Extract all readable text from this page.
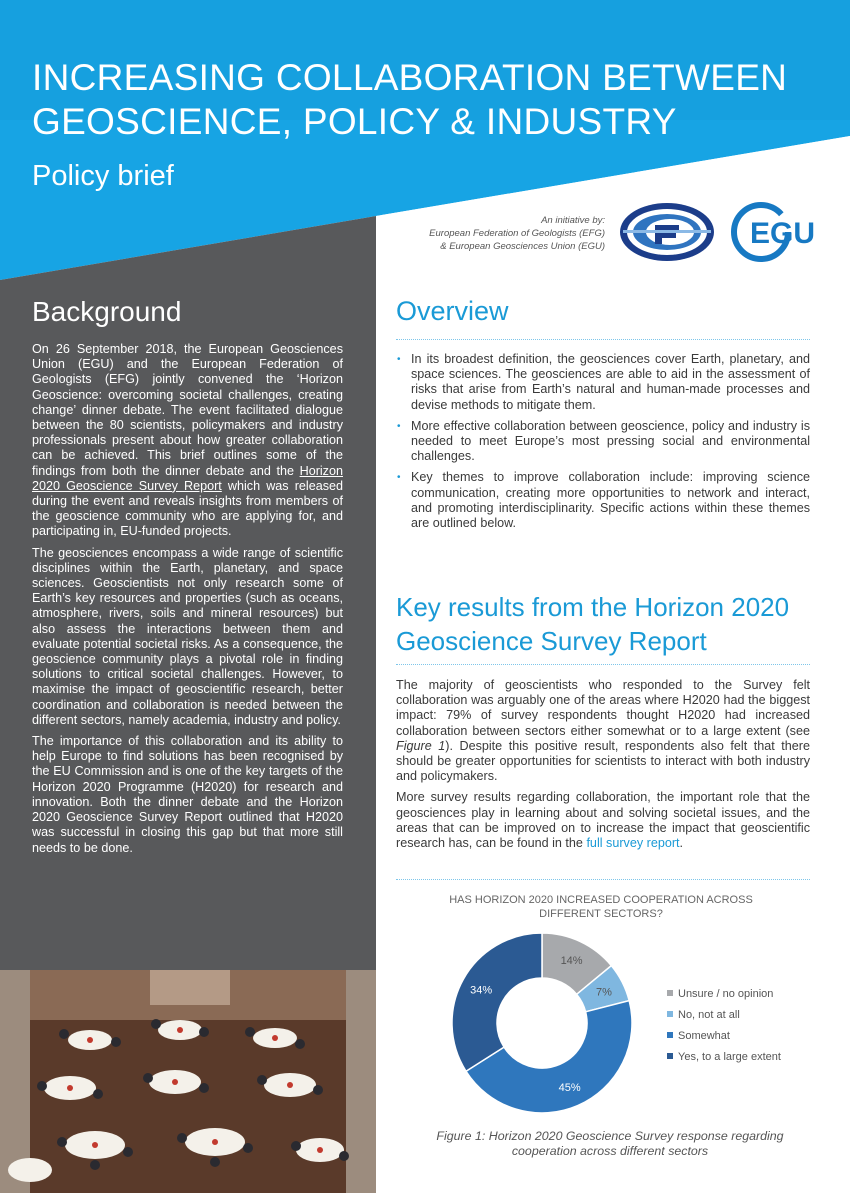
INCREASING COLLABORATION BETWEEN
GEOSCIENCE, POLICY & INDUSTRY
Policy brief
An initiative by:
European Federation of Geologists (EFG)
& European Geosciences Union (EGU)	EGU
Background

On 26 September 2018, the European Geosciences Union (EGU) and the European Federation of Geologists (EFG) jointly convened the ‘Horizon Geoscience: overcoming societal challenges, creating change’ dinner debate. The event facilitated dialogue between the 80 scientists, policymakers and industry professionals present about how greater collaboration can be achieved. This brief outlines some of the findings from both the dinner debate and the Horizon 2020 Geoscience Survey Report which was released during the event and reveals insights from members of the geoscience community who are applying for, and participating in, EU-funded projects.

The geosciences encompass a wide range of scientific disciplines within the Earth, planetary, and space sciences. Geoscientists not only research some of Earth’s key resources and properties (such as oceans, atmosphere, rivers, soils and mineral resources) but also assess the interactions between them and evaluate potential societal risks. As a consequence, the geoscience community plays a pivotal role in finding solutions to critical societal challenges. However, to maximise the impact of geoscientific research, better coordination and collaboration is needed between the different sectors, namely academia, industry and policy.

The importance of this collaboration and its ability to help Europe to find solutions has been recognised by the EU Commission and is one of the key targets of the Horizon 2020 Programme (H2020) for research and innovation. Both the dinner debate and the Horizon 2020 Geoscience Survey Report outlined that H2020 was successful in closing this gap but that more still needs to be done.

Overview
• In its broadest definition, the geosciences cover Earth, planetary, and space sciences. The geosciences are able to aid in the assessment of risks that arise from Earth’s natural and human-made processes and devise methods to mitigate them.
• More effective collaboration between geoscience, policy and industry is needed to meet Europe’s most pressing social and environmental challenges.
• Key themes to improve collaboration include: improving science communication, creating more opportunities to network and interact, and promoting interdisciplinarity. Specific actions within these themes are outlined below.
Key results from the Horizon 2020
Geoscience Survey Report

The majority of geoscientists who responded to the Survey felt collaboration was arguably one of the areas where H2020 had the biggest impact: 79% of survey respondents thought H2020 had increased collaboration between sectors either somewhat or to a large extent (see Figure 1). Despite this positive result, respondents also felt that there should be greater opportunities for scientists to interact with both industry and policymakers.

More survey results regarding collaboration, the important role that the geosciences play in learning about and solving societal issues, and the areas that can be improved on to increase the impact that geoscientific research has, can be found in the full survey report.

HAS HORIZON 2020 INCREASED COOPERATION ACROSS DIFFERENT SECTORS?
14%
7%
45%
34%	Unsure / no opinion
No, not at all
Somewhat
Yes, to a large extent
Figure 1: Horizon 2020 Geoscience Survey response regarding
cooperation across different sectors
